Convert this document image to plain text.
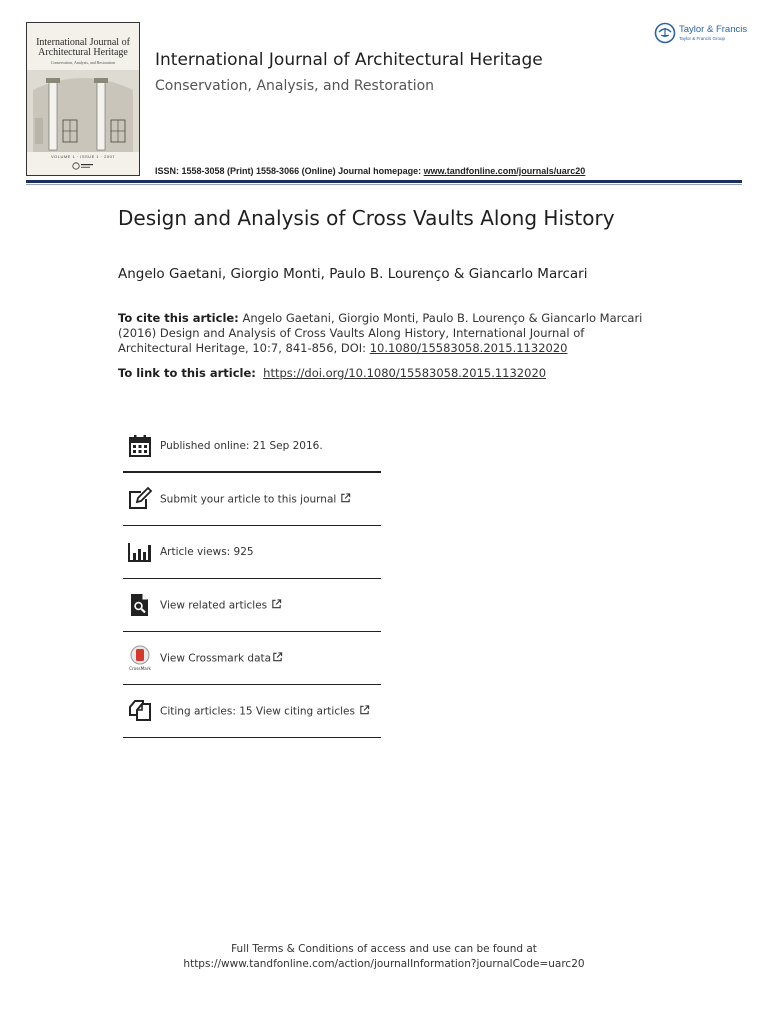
International Journal of Architectural Heritage
Conservation, Analysis, and Restoration
VOLUME 1 · ISSUE 1 · 2007
International Journal of Architectural Heritage
Conservation, Analysis, and Restoration
ISSN: 1558-3058 (Print) 1558-3066 (Online) Journal homepage: www.tandfonline.com/journals/uarc20
Taylor & Francis
Taylor & Francis Group
Design and Analysis of Cross Vaults Along History
Angelo Gaetani, Giorgio Monti, Paulo B. Lourenço & Giancarlo Marcari
To cite this article: Angelo Gaetani, Giorgio Monti, Paulo B. Lourenço & Giancarlo Marcari (2016) Design and Analysis of Cross Vaults Along History, International Journal of Architectural Heritage, 10:7, 841-856, DOI: 10.1080/15583058.2015.1132020
To link to this article: https://doi.org/10.1080/15583058.2015.1132020
Published online: 21 Sep 2016.
Submit your article to this journal
Article views: 925
View related articles
CrossMark
View Crossmark data
Citing articles: 15 View citing articles
Full Terms & Conditions of access and use can be found at
https://www.tandfonline.com/action/journalInformation?journalCode=uarc20
